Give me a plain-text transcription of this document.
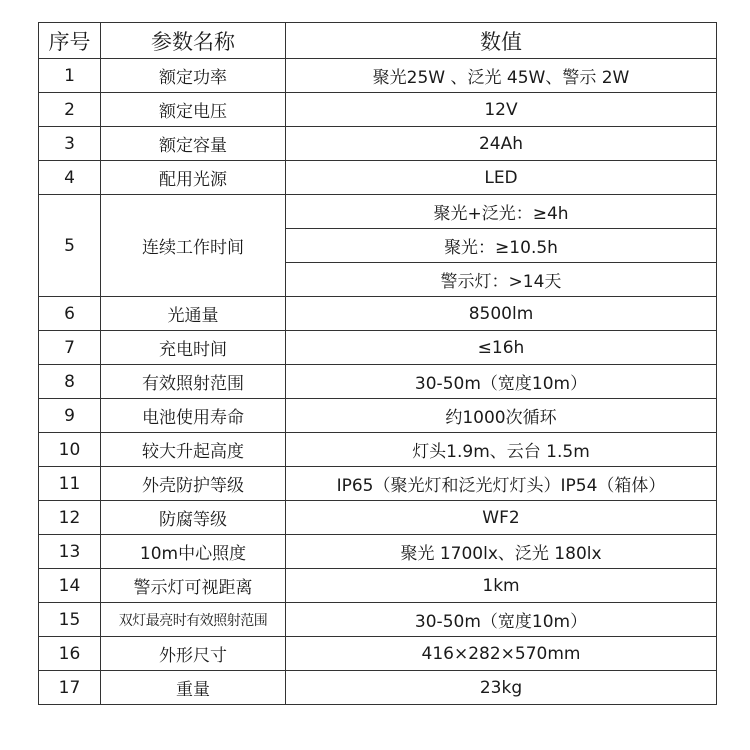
序号	参数名称	数值
1	额定功率	聚光25W 、泛光 45W、警示 2W
2	额定电压	12V
3	额定容量	24Ah
4	配用光源	LED
5	连续工作时间	聚光+泛光：≥4h
		聚光：≥10.5h
		警示灯：>14天
6	光通量	8500lm
7	充电时间	≤16h
8	有效照射范围	30-50m（宽度10m）
9	电池使用寿命	约1000次循环
10	较大升起高度	灯头1.9m、云台 1.5m
11	外壳防护等级	IP65（聚光灯和泛光灯灯头）IP54（箱体）
12	防腐等级	WF2
13	10m中心照度	聚光 1700lx、泛光 180lx
14	警示灯可视距离	1km
15	双灯最亮时有效照射范围	30-50m（宽度10m）
16	外形尺寸	416×282×570mm
17	重量	23kg
